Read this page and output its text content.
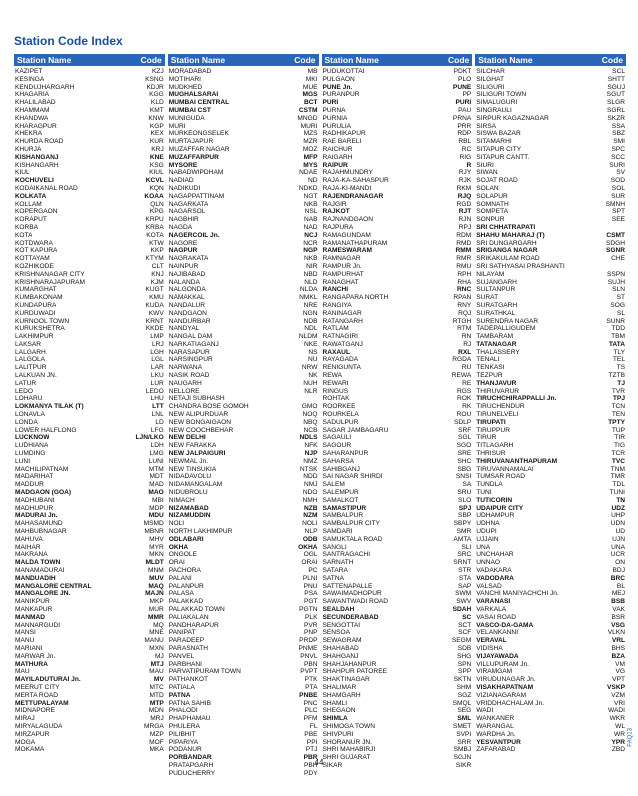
Station Code Index
Station Name	Code
KAZIPET	KZJ
KESINGA	KSNG
KENDUJHARGARH	KDJR
KHAGARIA	KGG
KHALILABAD	KLD
KHAMMAM	KMT
KHANDWA	KNW
KHARAGPUR	KGP
KHEKRA	KEX
KHURDA ROAD	KUR
KHURJA	KRJ
KISHANGANJ	KNE
KISHANGARH	KSG
KIUL	KIUL
KOCHUVELI	KCVL
KODAIKANAL ROAD	KQN
KOLKATA	KOAA
KOLLAM	QLN
KOPERGAON	KPG
KORAPUT	KRPU
KORBA	KRBA
KOTA	KOTA
KOTDWARA	KTW
KOT KAPURA	KKP
KOTTAYAM	KTYM
KOZHIKODE	CLT
KRISHNANAGAR CITY	KNJ
KRISHNARAJAPURAM	KJM
KUMARGHAT	KUGT
KUMBAKONAM	KMU
KUNDAPURA	KUDA
KURDUWADI	KWV
KURNOOL TOWN	KRNT
KURUKSHETRA	KKDE
LAKHIMPUR	LMP
LAKSAR	LRJ
LALGARH	LGH
LALGOLA	LGL
LALITPUR	LAR
LALKUAN JN.	LKU
LATUR	LUR
LEDO	LEDO
LOHARU	LHU
LOKMANYA TILAK (T)	LTT
LONAVLA	LNL
LONDA	LD
LOWER HALFLONG	LFG
LUCKNOW	LJN/LKO
LUDHIANA	LDH
LUMDING	LMG
LUNI	LUNI
MACHILIPATNAM	MTM
MADARIHAT	MDT
MADDUR	MAD
MADGAON (GOA)	MAO
MADHUBANI	MBI
MADHUPUR	MDP
MADURAI Jn.	MDU
MAHASAMUND	MSMD
MAHBUBNAGAR	MBNR
MAHUVA	MHV
MAIHAR	MYR
MAKRANA	MKN
MALDA TOWN	MLDT
MANAMADURAI	MNM
MANDUADIH	MUV
MANGALORE CENTRAL	MAQ
MANGALORE JN.	MAJN
MANIKPUR	MKP
MANKAPUR	MUR
MANMAD	MMR
MANNARGUDI	MQ
MANSI	MNE
MANU	MANU
MARIANI	MXN
MARWAR Jn.	MJ
MATHURA	MTJ
MAU	MAU
MAYILADUTURAI Jn.	MV
MEERUT CITY	MTC
MERTA ROAD	MTD
METTUPALAYAM	MTP
MIDNAPORE	MDN
MIRAJ	MRJ
MIRYALAGUDA	MRGA
MIRZAPUR	MZP
MOGA	MOF
MOKAMA	MKA
Station Name	Code
MORADABAD	MB
MOTIHARI	MKI
MUDKHED	MUE
MUGHALSARAI	MGS
MUMBAI CENTRAL	BCT
MUMBAI CST	CSTM
MUNIGUDA	MNGD
MURI	MURI
MURKEONGSELEK	MZS
MURTAJAPUR	MZR
MUZAFFAR NAGAR	MOZ
MUZAFFARPUR	MFP
MYSORE	MYS
NABADWIPDHAM	NDAE
NADIAD	ND
NADIKUDI	NDKD
NAGAPPATTINAM	NGT
NAGARKATA	NKB
NAGARSOL	NSL
NAGBHIR	NAB
NAGDA	NAD
NAGERCOIL Jn.	NCJ
NAGORE	NCR
NAGPUR	NGP
NAGRAKATA	NKB
NAINPUR	NIR
NAJIBABAD	NBD
NALANDA	NLD
NALGONDA	NLDA
NAMAKKAL	NMKL
NANDALUR	NRE
NANDGAON	NGN
NANDURBAR	NDB
NANDYAL	NDL
NANGAL DAM	NLDM
NARKATIAGANJ	NKE
NARASAPUR	NS
NARSINGPUR	NU
NARWANA	NRW
NASIK ROAD	NK
NAUGARH	NUH
NELLORE	NLR
NETAJI SUBHASH
CHANDRA BOSE GOMOH	GMO
NEW ALIPURDUAR	NOQ
NEW BONGAIGAON	NBQ
NEW COOCHBEHAR	NCB
NEW DELHI	NDLS
NEW FARAKKA	NFK
NEW JALPAIGURI	NJP
NEWMAL Jn.	NMZ
NEW TINSUKIA	NTSK
NIDADAVOLU	NDD
NIDAMANGALAM	NMJ
NIDUBROLU	NDO
NIMACH	NMH
NIZAMABAD	NZB
NIZAMUDDIN	NZM
NOLI	NOLI
NORTH LAKHIMPUR	NLP
ODLABARI	ODB
OKHA	OKHA
ONGOLE	OGL
ORAI	ORAI
PACHORA	PC
PALANI	PLNI
PALANPUR	PNU
PALASA	PSA
PALAKKAD	PGT
PALAKKAD TOWN	PGTN
PALIAKALAN	PLK
PANDHARAPUR	PVR
PANIPAT	PNP
PARADEEP	PRDP
PARASNATH	PNME
PANVEL	PNVL
PARBHANI	PBN
PARVATIPURAM TOWN	PVPT
PATHANKOT	PTK
PATIALA	PTA
PATNA	PNBE
PATNA SAHIB	PNC
PHALODI	PLC
PHAPHAMAU	PFM
PHULERA	FL
PILIBHIT	PBE
PIPARIYA	PPI
PODANUR	PTJ
PORBANDAR	PBR
PRATAPGARH	PBH
PUDUCHERRY	PDY
Station Name	Code
PUDUKOTTAI	PDKT
PULGAON	PLO
PUNE Jn.	PUNE
PURANPUR	PP
PURI	PURI
PURNA	PAU
PURNIA	PRNA
PURULIA	PRR
RADHIKAPUR	RDP
RAE BARELI	RBL
RAICHUR	RC
RAIGARH	RIG
RAIPUR	R
RAJAHMUNDRY	RJY
RAJA-KA-SAHASPUR	RJK
RAJA-KI-MANDI	RKM
RAJENDRANAGAR	RJQ
RAJGIR	RGD
RAJKOT	RJT
RAJNANDGAON	RJN
RAJPURA	RPJ
RAMAGUNDAM	RDM
RAMANATHAPURAM	RMD
RAMESWARAM	RMM
RAMNAGAR	RMR
RAMPUR Jn.	RMU
RAMPURHAT	RPH
RANAGHAT	RHA
RANCHI	RNC
RANGAPARA NORTH	RPAN
RANGIYA	RNY
RANINAGAR	RQJ
RATANGARH	RTGH
RATLAM	RTM
RATNAGIRI	RN
RAWATGANJ	RJ
RAXAUL	RXL
RAYAGADA	RGDA
RENIGUNTA	RU
REWA	REWA
REWARI	RE
RINGUS	RGS
ROHTAK	ROK
ROORKEE	RK
ROURKELA	ROU
SADULPUR	SDLP
SAGAR JAMBAGARU	SRF
SAGAULI	SGL
SAGOUR	SGO
SAHARANPUR	SRE
SAHARSA	SHC
SAHIBGANJ	SBG
SAI NAGAR SHIRDI	SNSI
SALEM	SA
SALEMPUR	SRU
SAMALKOT	SLO
SAMASTIPUR	SPJ
SAMBALPUR	SBP
SAMBALPUR CITY	SBPY
SAMDARI	SMR
SAMUKTALA ROAD	AMTA
SANGLI	SLI
SANTRAGACHI	SRC
SARNATH	SRNT
SATARA	STR
SATNA	STA
SATTENAPALLE	SAP
SAWAIMADHOPUR	SWM
SAWANTWADI ROAD	SWV
SEALDAH	SDAH
SECUNDERABAD	SC
SENGOTTAI	SCT
SENSOA	SCF
SEWAGRAM	SEGM
SHAHABAD	SDB
SHAHGANJ	SHG
SHAHJAHANPUR	SPN
SHAHPUR PATOREE	SPP
SHAKTINAGAR	SKTN
SHALIMAR	SHM
SHAMGARH	SGZ
SHAMLI	SMQL
SHEGAON	SEG
SHIMLA	SML
SHIMOGA TOWN	SMET
SHIVPURI	SVPI
SHORANUR JN.	SRR
SHRI MAHABIRJI	SMBJ
SHRI GUJARAT	SGJN
SIKAR	SIKR
Station Name	Code
SILCHAR	SCL
SILGHAT	SHTT
SILIGURI	SGUJ
SILIGURI TOWN	SGUT
SIMALUGURI	SLGR
SINGRAULI	SGRL
SIRPUR KAGAZNAGAR	SKZR
SIRSA	SSA
SISWA BAZAR	SBZ
SITAMARHI	SMI
SITAPUR CITY	SPC
SITAPUR CANTT.	SCC
SIURI	SURI
SIWAN	SV
SOJAT ROAD	SOD
SOLAN	SOL
SOLAPUR	SUR
SOMNATH	SMNH
SOMPETA	SPT
SONPUR	SEE
SRI CHHATRAPATI
SHAHU MAHARAJ (T)	CSMT
SRI DUNGARGARH	SDGH
SRIGANGA NAGAR	SGNR
SRIKAKULAM ROAD	CHE
SRI SATHYASAI PRASHANTI
NILAYAM	SSPN
SUJANGARH	SUJH
SULTANPUR	SLN
SURAT	ST
SURATGARH	SOG
SURATHKAL	SL
SURENDRA NAGAR	SUNR
TADEPALLIGUDEM	TDD
TAMBARAM	TBM
TATANAGAR	TATA
THALASSERY	TLY
TENALI	TEL
TENKASI	TS
TEZPUR	TZTB
THANJAVUR	TJ
THIRUVARUR	TVR
TIRUCHCHIRAPPALLI Jn.	TPJ
TIRUCHENDUR	TCN
TIRUNELVELI	TEN
TIRUPATI	TPTY
TIRUPPUR	TUP
TIRUR	TIR
TITLAGARH	TIG
THRISUR	TCR
THIRUVANANTHAPURAM	TVC
TIRUVANNAMALAI	TNM
TUMSAR ROAD	TMR
TUNDLA	TDL
TUNI	TUNI
TUTICORIN	TN
UDAIPUR CITY	UDZ
UDHAMPUR	UHP
UDHNA	UDN
UDUPI	UD
UJJAIN	UJN
UNA	UNA
UNCHAHAR	UCR
UNNAO	ON
VADAKARA	BDJ
VADODARA	BRC
VALSAD	BL
VANCHI MANIYACHCHI Jn.	MEJ
VARANASI	BSB
VARKALA	VAK
VASAI ROAD	BSR
VASCO-DA-GAMA	VSG
VELANKANNI	VLKN
VERAVAL	VRL
VIDISHA	BHS
VIJAYAWADA	BZA
VILLUPURAM Jn.	VM
VIRAMGAM	VG
VIRUDUNAGAR Jn.	VPT
VISAKHAPATNAM	VSKP
VIZIANAGARAM	VZM
VRIDDHACHALAM Jn.	VRI
WADI	WADI
WANKANER	WKR
WARANGAL	WL
WARDHA Jn.	WR
YESVANTPUR	YPR
ZAFARABAD	ZBD
44
FAQ13
